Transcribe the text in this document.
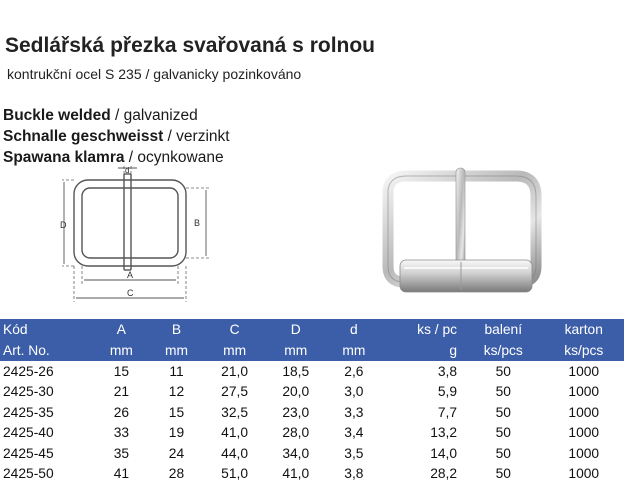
Sedlářská přezka svařovaná s rolnou
kontrukční ocel S 235 / galvanicky pozinkováno
Buckle welded / galvanized
Schnalle geschweisst / verzinkt
Spawana klamra / ocynkowane
D	B
A
C
d
Kód	A	B	C	D	d	ks / pc	balení	karton
Art. No.	mm	mm	mm	mm	mm	g	ks/pcs	ks/pcs
2425-26	15	11	21,0	18,5	2,6	3,8	50	1000
2425-30	21	12	27,5	20,0	3,0	5,9	50	1000
2425-35	26	15	32,5	23,0	3,3	7,7	50	1000
2425-40	33	19	41,0	28,0	3,4	13,2	50	1000
2425-45	35	24	44,0	34,0	3,5	14,0	50	1000
2425-50	41	28	51,0	41,0	3,8	28,2	50	1000
